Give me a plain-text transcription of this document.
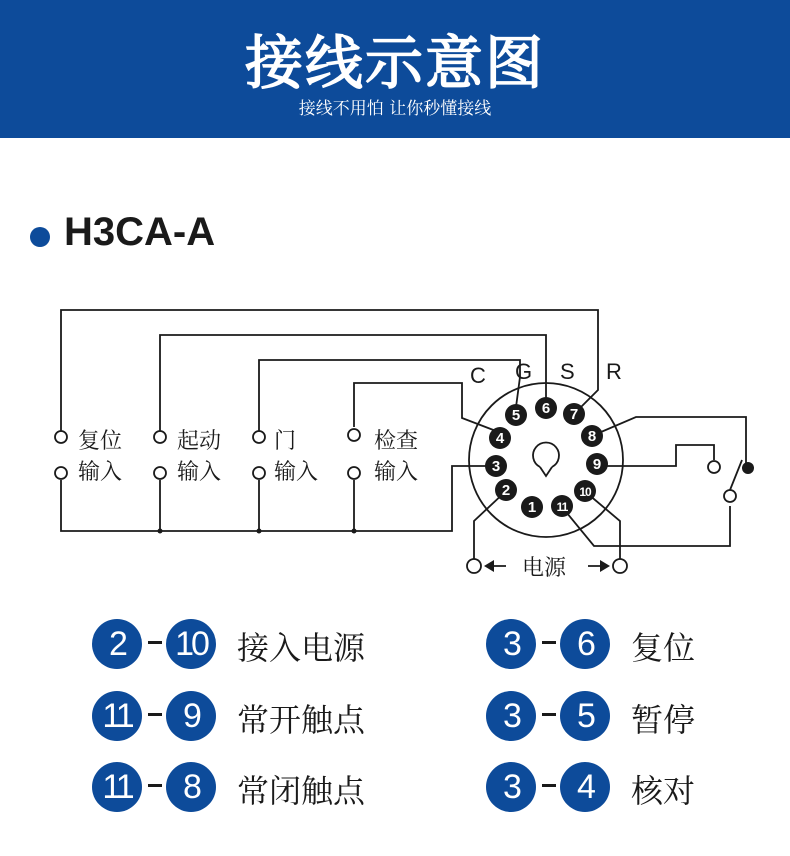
接线示意图
接线不用怕 让你秒懂接线
H3CA-A
1
2
3
4
5 6 7
8
9
10
11
复位
输入
起动
输入
门
输入
检查
输入
电源
C G S R
2	10 接入电源	3	6	复位
11	9	常开触点	3	5	暂停
11	8	常闭触点	3	4	核对
